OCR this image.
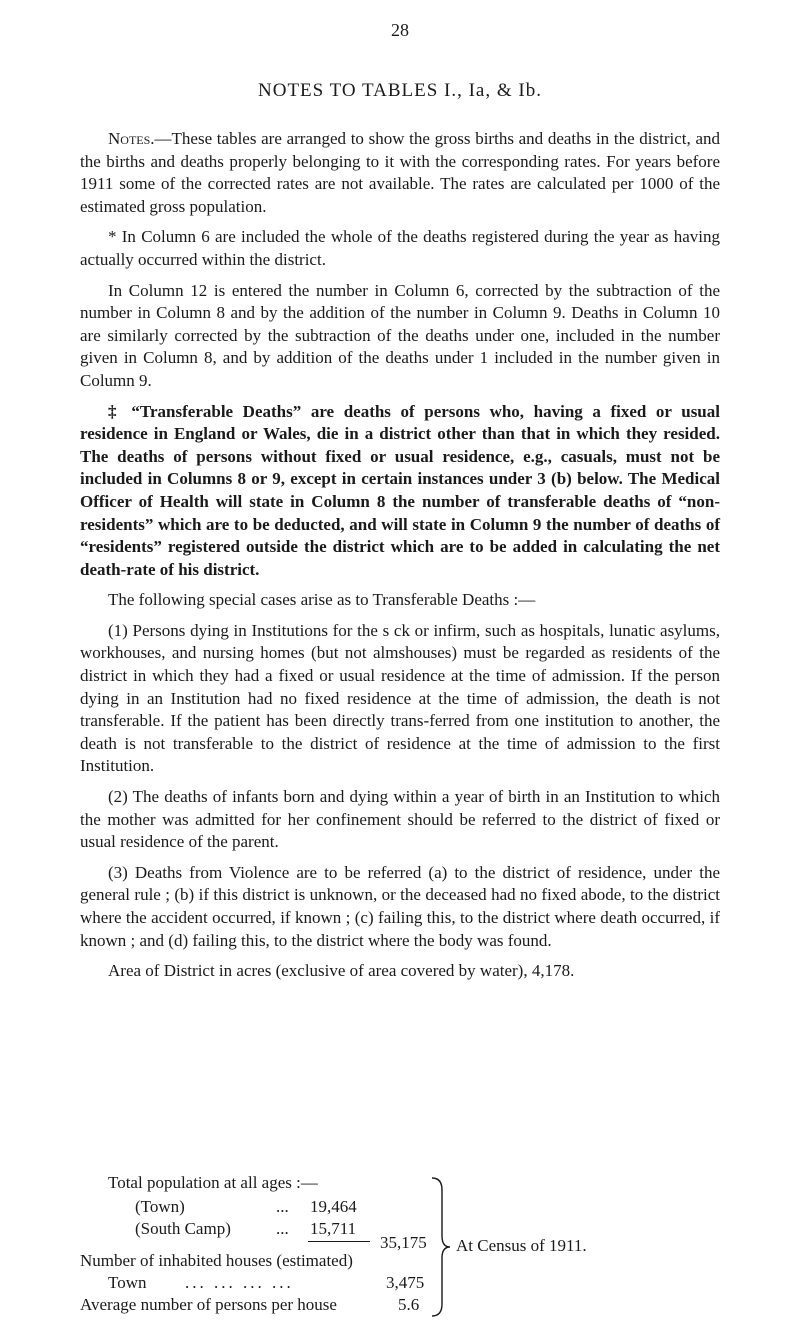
28
NOTES TO TABLES I., Ia, & Ib.

Notes.—These tables are arranged to show the gross births and deaths in the district, and the births and deaths properly belonging to it with the corresponding rates. For years before 1911 some of the corrected rates are not available. The rates are calculated per 1000 of the estimated gross population.

* In Column 6 are included the whole of the deaths registered during the year as having actually occurred within the district.

In Column 12 is entered the number in Column 6, corrected by the subtraction of the number in Column 8 and by the addition of the number in Column 9. Deaths in Column 10 are similarly corrected by the subtraction of the deaths under one, included in the number given in Column 8, and by addition of the deaths under 1 included in the number given in Column 9.

‡ “Transferable Deaths” are deaths of persons who, having a fixed or usual residence in England or Wales, die in a district other than that in which they resided. The deaths of persons without fixed or usual residence, e.g., casuals, must not be included in Columns 8 or 9, except in certain instances under 3 (b) below. The Medical Officer of Health will state in Column 8 the number of transferable deaths of “non-residents” which are to be deducted, and will state in Column 9 the number of deaths of “residents” registered outside the district which are to be added in calculating the net death-rate of his district.

The following special cases arise as to Transferable Deaths :—

(1) Persons dying in Institutions for the s ck or infirm, such as hospitals, lunatic asylums, workhouses, and nursing homes (but not almshouses) must be regarded as residents of the district in which they had a fixed or usual residence at the time of admission. If the person dying in an Institution had no fixed residence at the time of admission, the death is not transferable. If the patient has been directly trans-ferred from one institution to another, the death is not transferable to the district of residence at the time of admission to the first Institution.

(2) The deaths of infants born and dying within a year of birth in an Institution to which the mother was admitted for her confinement should be referred to the district of fixed or usual residence of the parent.

(3) Deaths from Violence are to be referred (a) to the district of residence, under the general rule ; (b) if this district is unknown, or the deceased had no fixed abode, to the district where the accident occurred, if known ; (c) failing this, to the district where death occurred, if known ; and (d) failing this, to the district where the body was found.

Area of District in acres (exclusive of area covered by water), 4,178.

Total population at all ages :—
(Town)	... 19,464
(South Camp)	... 15,711
35,175
Number of inhabited houses (estimated)
Town ... ... ... ...	3,475
Average number of persons per house	5.6
At Census of 1911.
